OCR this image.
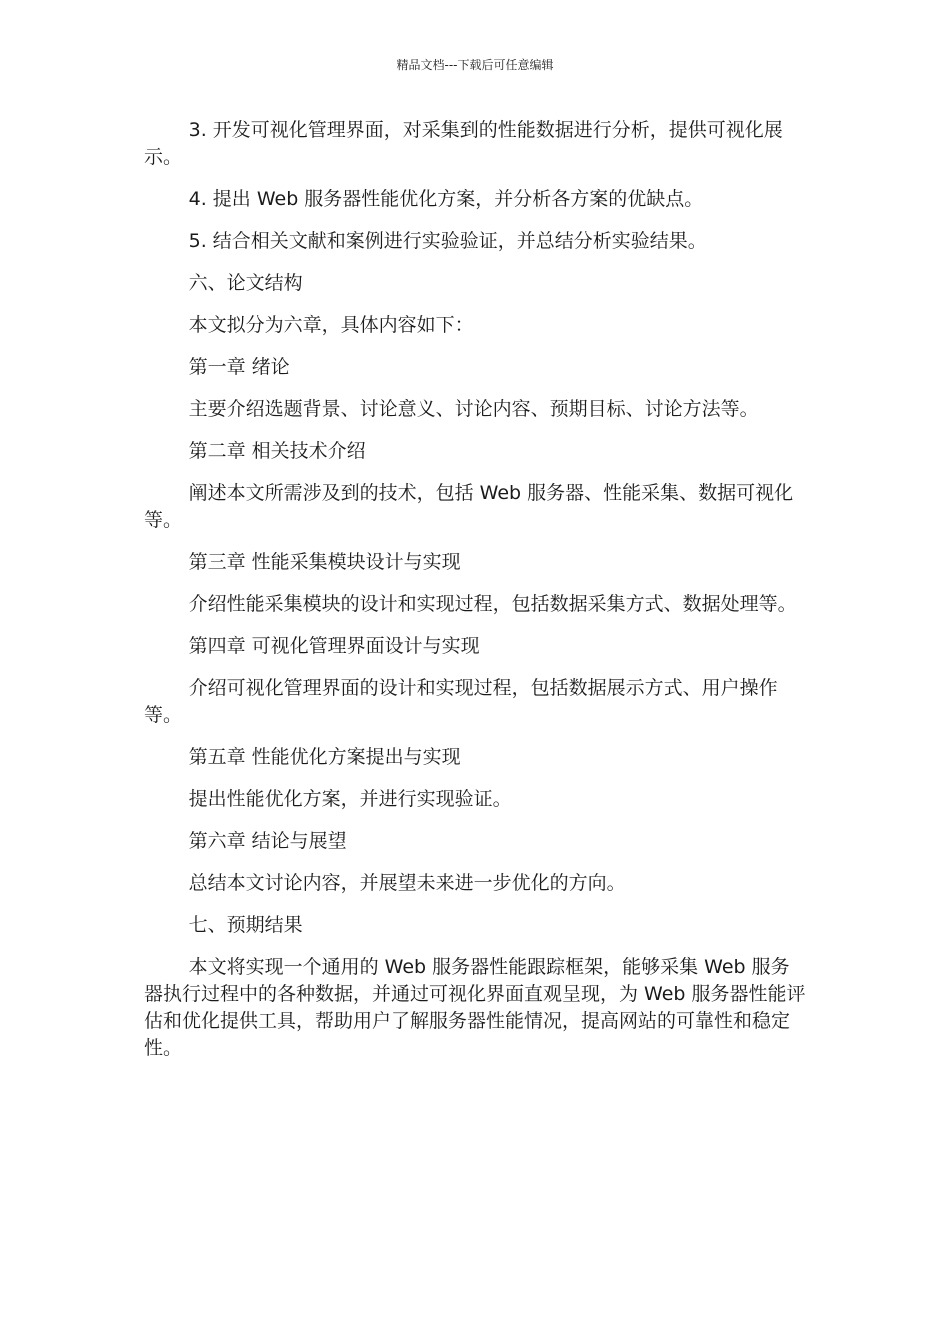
精品文档---下载后可任意编辑

3. 开发可视化管理界面，对采集到的性能数据进行分析，提供可视化展示。

4. 提出 Web 服务器性能优化方案，并分析各方案的优缺点。

5. 结合相关文献和案例进行实验验证，并总结分析实验结果。

六、论文结构

本文拟分为六章，具体内容如下：

第一章 绪论

主要介绍选题背景、讨论意义、讨论内容、预期目标、讨论方法等。

第二章 相关技术介绍

阐述本文所需涉及到的技术，包括 Web 服务器、性能采集、数据可视化等。

第三章 性能采集模块设计与实现

介绍性能采集模块的设计和实现过程，包括数据采集方式、数据处理等。

第四章 可视化管理界面设计与实现

介绍可视化管理界面的设计和实现过程，包括数据展示方式、用户操作等。

第五章 性能优化方案提出与实现

提出性能优化方案，并进行实现验证。

第六章 结论与展望

总结本文讨论内容，并展望未来进一步优化的方向。

七、预期结果

本文将实现一个通用的 Web 服务器性能跟踪框架，能够采集 Web 服务器执行过程中的各种数据，并通过可视化界面直观呈现，为 Web 服务器性能评估和优化提供工具，帮助用户了解服务器性能情况，提高网站的可靠性和稳定性。
